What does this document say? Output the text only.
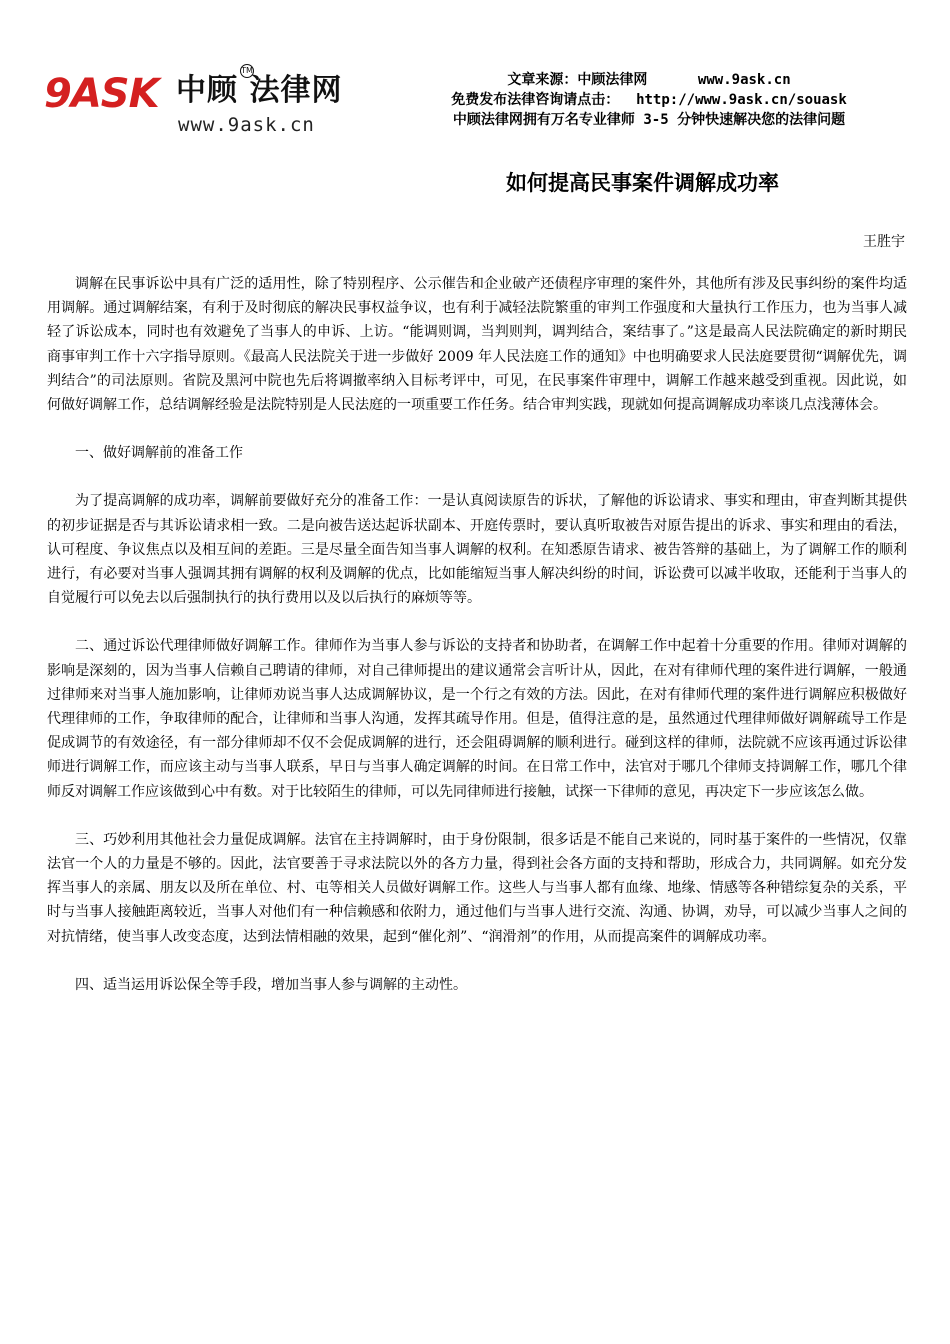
9ASK 中顾 法律网
TM
www.9ask.cn
文章来源：中顾法律网	www.9ask.cn
免费发布法律咨询请点击： http://www.9ask.cn/souask
中顾法律网拥有万名专业律师 3-5 分钟快速解决您的法律问题
如何提高民事案件调解成功率
王胜宇

调解在民事诉讼中具有广泛的适用性，除了特别程序、公示催告和企业破产还债程序审理的案件外，其他所有涉及民事纠纷的案件均适用调解。通过调解结案，有利于及时彻底的解决民事权益争议，也有利于减轻法院繁重的审判工作强度和大量执行工作压力，也为当事人减轻了诉讼成本，同时也有效避免了当事人的申诉、上访。“能调则调，当判则判，调判结合，案结事了。”这是最高人民法院确定的新时期民商事审判工作十六字指导原则。《最高人民法院关于进一步做好 2009 年人民法庭工作的通知》中也明确要求人民法庭要贯彻“调解优先，调判结合”的司法原则。省院及黑河中院也先后将调撤率纳入目标考评中，可见，在民事案件审理中，调解工作越来越受到重视。因此说，如何做好调解工作，总结调解经验是法院特别是人民法庭的一项重要工作任务。结合审判实践，现就如何提高调解成功率谈几点浅薄体会。

一、做好调解前的准备工作

为了提高调解的成功率，调解前要做好充分的准备工作：一是认真阅读原告的诉状，了解他的诉讼请求、事实和理由，审查判断其提供的初步证据是否与其诉讼请求相一致。二是向被告送达起诉状副本、开庭传票时，要认真听取被告对原告提出的诉求、事实和理由的看法，认可程度、争议焦点以及相互间的差距。三是尽量全面告知当事人调解的权利。在知悉原告请求、被告答辩的基础上，为了调解工作的顺利进行，有必要对当事人强调其拥有调解的权利及调解的优点，比如能缩短当事人解决纠纷的时间，诉讼费可以减半收取，还能利于当事人的自觉履行可以免去以后强制执行的执行费用以及以后执行的麻烦等等。

二、通过诉讼代理律师做好调解工作。律师作为当事人参与诉讼的支持者和协助者，在调解工作中起着十分重要的作用。律师对调解的影响是深刻的，因为当事人信赖自己聘请的律师，对自己律师提出的建议通常会言听计从，因此，在对有律师代理的案件进行调解，一般通过律师来对当事人施加影响，让律师劝说当事人达成调解协议，是一个行之有效的方法。因此，在对有律师代理的案件进行调解应积极做好代理律师的工作，争取律师的配合，让律师和当事人沟通，发挥其疏导作用。但是，值得注意的是，虽然通过代理律师做好调解疏导工作是促成调节的有效途径，有一部分律师却不仅不会促成调解的进行，还会阻碍调解的顺利进行。碰到这样的律师，法院就不应该再通过诉讼律师进行调解工作，而应该主动与当事人联系，早日与当事人确定调解的时间。在日常工作中，法官对于哪几个律师支持调解工作，哪几个律师反对调解工作应该做到心中有数。对于比较陌生的律师，可以先同律师进行接触，试探一下律师的意见，再决定下一步应该怎么做。

三、巧妙利用其他社会力量促成调解。法官在主持调解时，由于身份限制，很多话是不能自己来说的，同时基于案件的一些情况，仅靠法官一个人的力量是不够的。因此，法官要善于寻求法院以外的各方力量，得到社会各方面的支持和帮助，形成合力，共同调解。如充分发挥当事人的亲属、朋友以及所在单位、村、屯等相关人员做好调解工作。这些人与当事人都有血缘、地缘、情感等各种错综复杂的关系，平时与当事人接触距离较近，当事人对他们有一种信赖感和依附力，通过他们与当事人进行交流、沟通、协调，劝导，可以减少当事人之间的对抗情绪，使当事人改变态度，达到法情相融的效果，起到“催化剂”、“润滑剂”的作用，从而提高案件的调解成功率。

四、适当运用诉讼保全等手段，增加当事人参与调解的主动性。
